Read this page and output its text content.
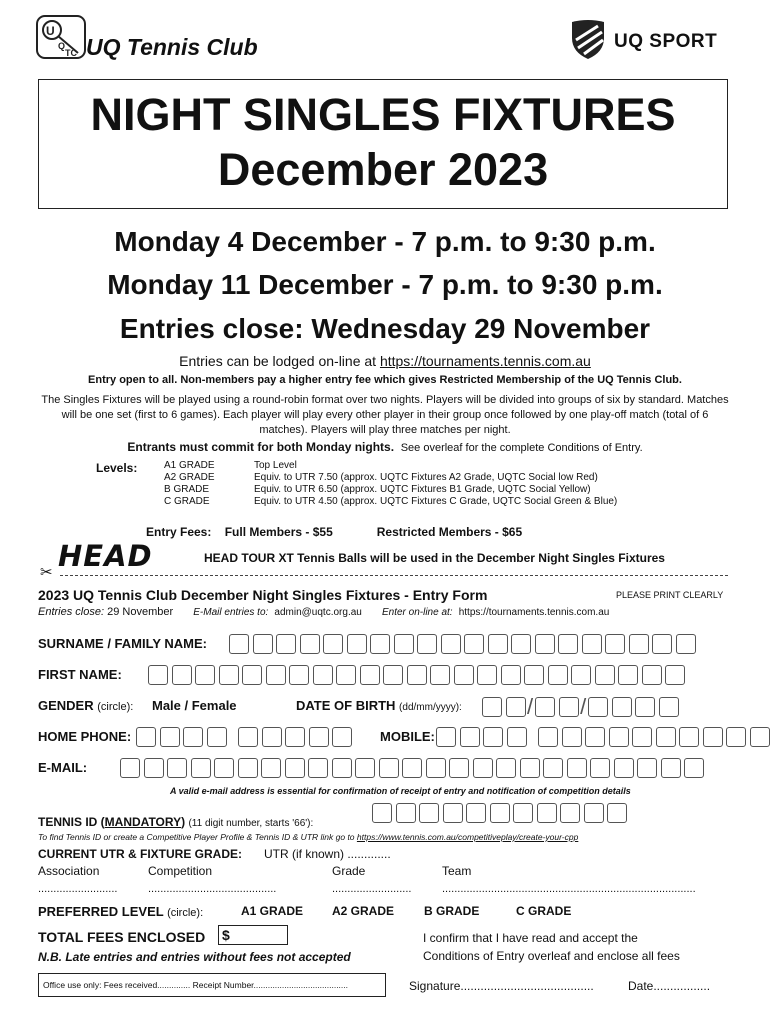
U
Q
TC UQ Tennis Club	UQ SPORT
NIGHT SINGLES FIXTURES
December 2023
Monday 4 December - 7 p.m. to 9:30 p.m.
Monday 11 December - 7 p.m. to 9:30 p.m.
Entries close: Wednesday 29 November
Entries can be lodged on-line at https://tournaments.tennis.com.au
Entry open to all. Non-members pay a higher entry fee which gives Restricted Membership of the UQ Tennis Club.
The Singles Fixtures will be played using a round-robin format over two nights. Players will be divided into groups of six by standard. Matches will be one set (first to 6 games). Each player will play every other player in their group once followed by one play-off match (total of 6 matches). Players will play three matches per night.
Entrants must commit for both Monday nights. See overleaf for the complete Conditions of Entry.
Levels:	A1 GRADE	Top Level
A2 GRADE	Equiv. to UTR 7.50 (approx. UQTC Fixtures A2 Grade, UQTC Social low Red)
B GRADE	Equiv. to UTR 6.50 (approx. UQTC Fixtures B1 Grade, UQTC Social Yellow)
C GRADE	Equiv. to UTR 4.50 (approx. UQTC Fixtures C Grade, UQTC Social Green & Blue)
Entry Fees: Full Members - $55	Restricted Members - $65
HEAD	HEAD TOUR XT Tennis Balls will be used in the December Night Singles Fixtures
✂
2023 UQ Tennis Club December Night Singles Fixtures - Entry Form	PLEASE PRINT CLEARLY
Entries close: 29 November E-Mail entries to: admin@uqtc.org.au Enter on-line at: https://tournaments.tennis.com.au
SURNAME / FAMILY NAME:
FIRST NAME:
GENDER (circle): Male / Female	DATE OF BIRTH (dd/mm/yyyy):	/ /
HOME PHONE:	MOBILE:
E-MAIL:
A valid e-mail address is essential for confirmation of receipt of entry and notification of competition details
TENNIS ID (MANDATORY) (11 digit number, starts '66'):
To find Tennis ID or create a Competitive Player Profile & Tennis ID & UTR link go to https://www.tennis.com.au/competitiveplay/create-your-cpp
CURRENT UTR & FIXTURE GRADE: UTR (if known) .............
Association	Competition	Grade	Team
..........................	..........................................	..........................	...................................................................................
PREFERRED LEVEL (circle):	A1 GRADE A2 GRADE B GRADE	C GRADE
TOTAL FEES ENCLOSED $
N.B. Late entries and entries without fees not accepted
I confirm that I have read and accept the
Conditions of Entry overleaf and enclose all fees
Office use only: Fees received.............. Receipt Number........................................	Signature........................................	Date.................
